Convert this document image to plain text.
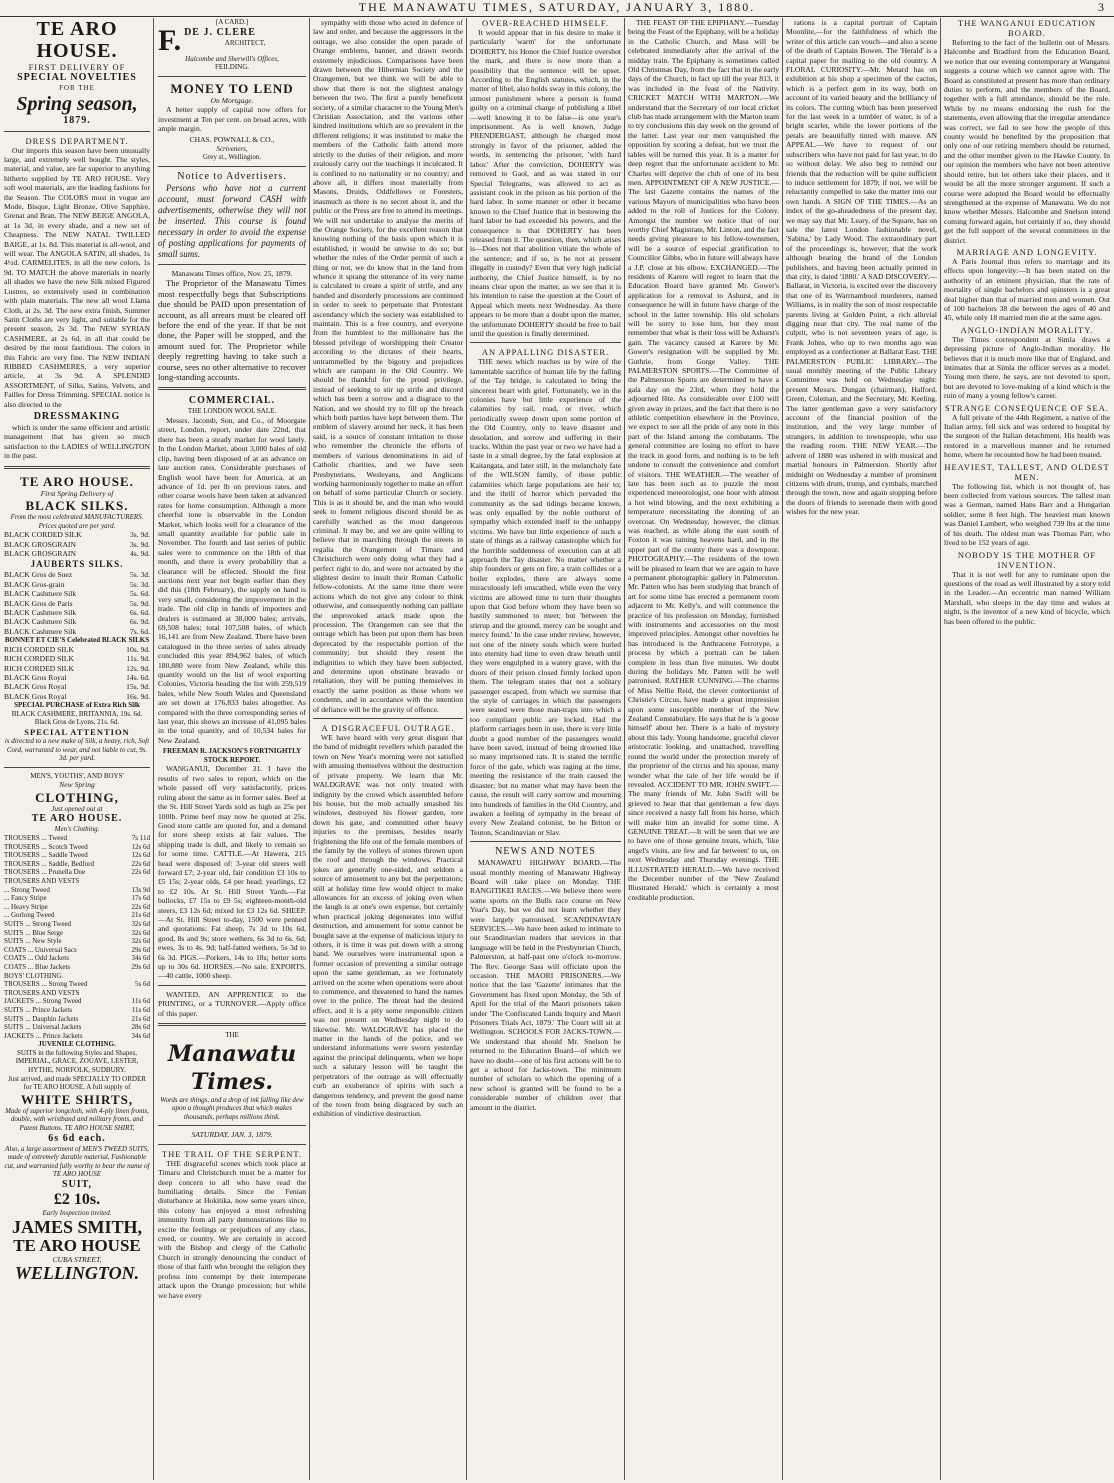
THE MANAWATU TIMES, SATURDAY, JANUARY 3, 1880.	3
TE ARO HOUSE.
FIRST DELIVERY OF
SPECIAL NOVELTIES
FOR THE
Spring season,
1879.
DRESS DEPARTMENT.

Our imports this season have been unusually large, and extremely well bought. The styles, material, and value, are far superior to anything hitherto supplied by TE ARO HOUSE. Very soft wool materials, are the leading fashions for the Season. The COLORS most in vogue are Mode, Bisque, Light Bronze, Olive Sapphire, Grenat and Bran. The NEW BEIGE ANGOLA, at 1s 3d, in every shade, and a new set of Cheapness. The NEW NATAL TWILLED BAIGE, at 1s. 8d. This material is all-wool, and will wear. The ANGOLA SATIN, all shades, 1s 4½d. CARMELITES, in all the new colors, 1s 9d. TO MATCH the above materials in nearly all shades we have the new Silk mixed Figured Lustres, so extensively used in combination with plain materials. The new all wool Llama Cloth, at 2s. 3d. The new extra finish, Summer Satin Cloths are very light, and suitable for the present season, 2s 3d. The NEW SYRIAN CASHMERE, at 2s 6d, in all that could be desired by the most fastidious. The colors in this Fabric are very fine. The NEW INDIAN RIBBED CASHMERES, a very superior article, at 3s 9d. A SPLENDID ASSORTMENT, of Silks, Satins, Velvets, and Failles for Dress Trimming. SPECIAL notice is also directed to the

DRESSMAKING

which is under the same efficient and artistic management that has given so much satisfaction to the LADIES of WELLINGTON in the past.

TE ARO HOUSE.
First Spring Delivery of
BLACK SILKS.
From the most celebrated MANUFACTURERS. Prices quoted are per yard.
BLACK CORDED SILK	3s. 9d.
BLACK GROSGRAIN	3s. 9d.
BLACK GROSGRAIN	4s. 9d.
JAUBERTS SILKS.
BLACK Gros de Suez	5s. 3d.
BLACK Gros-grain	5s. 3d.
BLACK Cashmere Silk	5s. 6d.
BLACK Gros de Paris	5s. 9d.
BLACK Cashmere Silk	6s. 6d.
BLACK Cashmere Silk	6s. 9d.
BLACK Cashmere Silk	7s. 6d.
BONNET ET CIE'S Celebrated BLACK SILKS
RICH CORDED SILK	10s. 9d.
RICH CORDED SILK	11s. 9d.
RICH CORDED SILK	12s. 9d.
BLACK Gros Royal	14s. 6d.
BLACK Gros Royal	15s. 9d.
BLACK Gros Royal	16s. 9d.
SPECIAL PURCHASE of Extra Rich Silk
BLACK CASHMERE, BRITANNIA, 19s. 6d. Black Gros de Lyons, 21s. 6d.
SPECIAL ATTENTION
is directed to a new make of Silk, a heavy, rich, Soft Cord, warranted to wear, and not liable to cut, 9s. 3d. per yard.
MEN'S, YOUTHS', AND BOYS'
New Spring
CLOTHING,
Just opened out at
TE ARO HOUSE.
Men's Clothing.
TROUSERS ... Tweed	7s 11d
TROUSERS ... Scotch Tweed	12s 6d
TROUSERS ... Saddle Tweed	12s 6d
TROUSERS ... Saddle, Bedford	22s 6d
TROUSERS ... Prunella Doe	22s 6d
TROUSERS AND VESTS
... Strong Tweed	13s 9d
... Fancy Stripe	17s 6d
... Heavy Stripe	22s 6d
... Gorlong Tweed	21s 6d
SUITS ... Strong Tweed	32s 6d
SUITS ... Blue Serge	32s 6d
SUITS ... New Style	32s 6d
COATS ... Universal Sacs	29s 6d
COATS ... Odd Jackets	34s 6d
COATS ... Blue Jackets	29s 6d
BOYS' CLOTHING.
TROUSERS ... Strong Tweed	5s 6d
TROUSERS AND VESTS
JACKETS ... Strong Tweed	11s 6d
SUITS ... Prince Jackets	11s 6d
SUITS ... Dauphin Jackets	21s 6d
SUITS ... Universal Jackets	28s 6d
JACKETS ... Prince Jackets	34s 6d
JUVENILE CLOTHING.
SUITS in the following Styles and Shapes, IMPERIAL, GRACE, ZOUAVE, LESTER, HYTHE, NORFOLK, SUDBURY.
Just arrived, and made SPECIALLY TO ORDER
for TE ARO HOUSE, A full supply of
WHITE SHIRTS,
Made of superior longcloth, with 4-ply linen fronts, double, with wristband and military fronts, and Patent Buttons. TE ARO HOUSE SHIRT,
6s 6d each.
Also, a large assortment of MEN'S TWEED SUITS, made of extremely durable material, Fashionable cut, and warranted fully worthy to bear the name of TE ARO HOUSE
SUIT,
£2 10s.
Early Inspection invited.
JAMES SMITH,
TE ARO HOUSE
CUBA STREET,
WELLINGTON.
[A CARD.]
F. DE J. CLERE
ARCHITECT,
Halcombe and Sherwill's Offices,
FEILDING.
MONEY TO LEND
On Mortgage.

A better supply of capital now offers for investment at Ten per cent. on broad acres, with ample margin.

CHAS. POWNALL & CO.,
Scriveners,
Grey st., Wellington.
Notice to Advertisers.

Persons who have not a current account, must forward CASH with advertisements, otherwise they will not be inserted. This course is found necessary in order to avoid the expense of posting applications for payments of small sums.

Manawatu Times office, Nov. 25, 1879.

The Proprietor of the Manawatu Times most respectfully begs that Subscriptions due should be PAID upon presentation of account, as all arrears must be cleared off before the end of the year. If that be not done, the Paper will be stopped, and the amount sued for. The Proprietor while deeply regretting having to take such a course, sees no other alternative to recover long-standing accounts.

COMMERCIAL.
THE LONDON WOOL SALE.

Messrs. Jacomb, Son, and Co., of Moorgate street, London, report, under date 22nd, that there has been a steady market for wool lately. In the London Market, about 3,000 bales of old clip, having been disposed of at an advance on late auction rates. Considerable purchases of English wool have been for America, at an advance of 1d. per lb on previous rates, and other coarse wools have been taken at advanced rates for home consumption. Although a more cheerful tone is observable in the London Market, which looks well for a clearance of the small quantity available for public sale in November. The fourth and last series of public sales were to commence on the 18th of that month, and there is every probability that a clearance will be effected. Should the first auctions next year not begin earlier than they did this (18th February), the supply on hand is very small, considering the improvement in the trade. The old clip in hands of importers and dealers is estimated at 38,000 bales; arrivals, 69,508 bales; total 107,508 bales, of which 16,141 are from New Zealand. There have been catalogued in the three series of sales already concluded this year 894,962 bales, of which 180,880 were from New Zealand, while this quantity would on the list of wool exporting Colonies, Victoria heading the list with 259,519 bales, while New South Wales and Queensland are set down at 176,833 bales altogether. As compared with the three corresponding series of last year, this shows an increase of 41,095 bales in the total quantity, and of 10,534 bales for New Zealand.

FREEMAN R. JACKSON'S FORTNIGHTLY STOCK REPORT.

WANGANUI, December 31. I have the results of two sales to report, which on the whole passed off very satisfactorily, prices ruling about the same as in former sales. Beef at the St. Hill Street Yards sold as high as 25s per 100lb. Prime beef may now be quoted at 25s. Good store cattle are quoted for, and a demand for store sheep exists at fair values. The shipping trade is dull, and likely to remain so for some time. CATTLE.—At Hawera, 215 head were disposed of: 3-year old steers well forward £7; 2-year old, fair condition £3 10s to £5 15s; 2-year olds, £4 per head; yearlings, £2 to £2 10s. At St. Hill Street Yards.—Fat bullocks, £7 15s to £9 5s; eighteen-month-old steers, £3 12s 6d; mixed lot £3 12s 6d. SHEEP.—At St. Hill Street to-day, 1500 were penned and quotations: Fat sheep, 7s 3d to 10s 6d, good, 8s and 9s; store wethers, 6s 3d to 6s. 6d; ewes, 3s to 4s. 9d; half-fatted wethers, 5s 3d to 6s 3d. PIGS.—Porkers, 14s to 18s; better sorts up to 30s 6d. HORSES.—No sale. EXPORTS.—40 cattle, 1000 sheep.

WANTED, AN APPRENTICE to the PRINTING, or a TURNOVER.—Apply office of this paper.

THE
Manawatu Times.
Words are things, and a drop of ink falling like dew upon a thought produces that which makes thousands, perhaps millions think.
SATURDAY, JAN. 3, 1879.
THE TRAIL OF THE SERPENT.

THE disgraceful scenes which took place at Timaru and Christchurch must be a matter for deep concern to all who have read the humiliating details. Since the Fenian disturbance at Hokitika, now some years since, this colony has enjoyed a most refreshing immunity from all party demonstrations like to excite the feelings or prejudices of any class, creed, or country. We are certainly in accord with the Bishop and clergy of the Catholic Church in strongly denouncing the conduct of those of that faith who brought the religion they profess into contempt by their intemperate attack upon the Orange procession; but while we have every

sympathy with those who acted in defence of law and order, and because the aggressors in the outrage, we also consider the open parade of Orange emblems, banner, and drawn swords extremely injudicious. Comparisons have been drawn between the Hibernian Society and the Orangemen, but we think we will be able to show that there is not the slightest analogy between the two. The first a purely beneficent society, of a similar character to the Young Men's Christian Association, and the various other kindred institutions which are so prevalent in the different religions; it was instituted to make the members of the Catholic faith attend more strictly to the duties of their religion, and more zealously carry out the teachings it inculcated. It is confined to no nationality or no country; and above all, it differs most materially from Masons, Druids, Oddfellows or Foresters, inasmuch as there is no secret about it, and the public or the Press are free to attend its meetings. We will not undertake to analyse the merits of the Orange Society, for the excellent reason that knowing nothing of the basis upon which it is established, it would be unwise to do so; but whether the rules of the Order permit of such a thing or not, we do know that in the land from whence it sprang the utterance of its very name is calculated to create a spirit of strife, and any banded and disorderly processions are continued in order to seek to perpetuate that Protestant ascendancy which the society was established to maintain. This is a free country, and everyone from the humblest to the millionaire has the blessed privilege of worshipping their Creator according to the dictates of their hearts, untrammelled by the bigotry and prejudices which are rampant in the Old Country. We should be thankful for the proud privilege, instead of seeking to stir up strife and discord which has been a sorrow and a disgrace to the Nation, and we should try to fill up the breach which both parties have kept between them. The emblem of slavery around her neck, it has been said, is a source of constant irritation to those who remember the chronicle the efforts of members of various denominations in aid of Catholic charities, and we have seen Presbyterians, Wesleyans, and Anglicans working harmoniously together to make an effort on behalf of some particular Church or society. This is as it should be, and the man who would seek to foment religious discord should be as carefully watched as the most dangerous criminal. It may be, and we are quite willing to believe that in marching through the streets in regalia the Orangemen of Timaru and Christchurch were only doing what they had a perfect right to do, and were not actuated by the slightest desire to insult their Roman Catholic fellow-colonists. At the same time there were actions which do not give any colour to think otherwise, and consequently nothing can palliate the unprovoked attack made upon the procession. The Orangemen can see that the outrage which has been put upon them has been deprecated by the respectable portion of the community; but should they resent the indignities to which they have been subjected, and determine upon obstinate bravado or retaliation, they will be putting themselves in exactly the same position as those whom we condemn, and in accordance with the intention of defiance will be the gravity of offence.

A DISGRACEFUL OUTRAGE.

WE have heard with very great disgust that the band of midnight revellers which paraded the town on New Year's morning were not satisfied with amusing themselves without the destruction of private property. We learn that Mr. WALDGRAVE was not only treated with indignity by the crowd which assembled before his house, but the mob actually smashed his windows, destroyed his flower garden, tore down his gate, and committed other heavy injuries to the premises, besides nearly frightening the life out of the female members of the family by the volleys of stones thrown upon the roof and through the windows. Practical jokes are generally one-sided, and seldom a source of amusement to any but the perpetrators; still at holiday time few would object to make allowances for an excess of joking even when the laugh is at one's own expense, but certainly when practical joking degenerates into wilful destruction, and amusement for some cannot be bought save at the expense of malicious injury to others, it is time it was put down with a strong hand. We ourselves were instrumental upon a former occasion of preventing a similar outrage upon the same gentleman, as we fortunately arrived on the scene when operations were about to commence, and threatened to band the names over to the police. The threat had the desired effect, and it is a pity some responsible citizen was not present on Wednesday night to do likewise. Mr. WALDGRAVE has placed the matter in the hands of the police, and we understand informations were sworn yesterday against the principal delinquents, when we hope such a salutary lesson will be taught the perpetrators of the outrage as will effectually curb an exuberance of spirits with such a dangerous tendency, and prevent the good name of the town from being disgraced by such an exhibition of vindictive destruction.

OVER-REACHED HIMSELF.

It would appear that in his desire to make it particularly 'warm' for the unfortunate DOHERTY, his Honor the Chief Justice overshot the mark, and there is now more than a possibility that the sentence will be upset. According to the English statutes, which, in the matter of libel, also holds sway in this colony, the utmost punishment where a person is found guilty on a criminal charge of publishing a libel—well knowing it to be false—is one year's imprisonment. As is well known, Judge PRENDERGAST, although he charged most strongly in favor of the prisoner, added the words, in sentencing the prisoner, 'with hard labor.' After the conviction, DOHERTY was removed to Gaol, and as was stated in our Special Telegrams, was allowed to act as assistant cook in the prison as his portion of the hard labor. In some manner or other it became known to the Chief Justice that in bestowing the hard labor he had exceeded his powers, and the consequence is that DOHERTY has been released from it. The question, then, which arises is—Does not that abolition vitiate the whole of the sentence; and if so, is he not at present illegally in custody? Even that very high judicial authority, the Chief Justice himself, is by no means clear upon the matter, as we see that it is his intention to raise the question at the Court of Appeal which meets next Wednesday. As there appears to be more than a doubt upon the matter, the unfortunate DOHERTY should be free to bail until the question is finally determined.

AN APPALLING DISASTER.

THE news which reaches us by wire of the lamentable sacrifice of human life by the falling of the Tay bridge, is calculated to bring the sincerest heart with grief. Fortunately, we in the colonies have but little experience of the calamities by rail, road, or river, which periodically sweep down upon some portion of the Old Country, only to leave disaster and desolation, and sorrow and suffering in their tracks. Within the past year or two we have had a taste in a small degree, by the fatal explosion at Kaitangata, and later still, in the melancholy fate of the WILSON family, of those public calamities which large populations are heir to; and the thrill of horror which pervaded the community as the sad tidings became known, was only equalled by the noble outburst of sympathy which extended itself to the unhappy victims. We have but little experience of such a state of things as a railway catastrophe which for the horrible suddenness of execution can at all approach the Tay disaster. No matter whether a ship founders or gets on fire, a train collides or a boiler explodes, there are always some miraculously left unscathed, while even the very victims are allowed time to turn their thoughts upon that God before whom they have been so hastily summoned to meet; but 'between the stirrup and the ground, mercy can be sought and mercy found.' In the case under review, however, not one of the ninety souls which were hurled into eternity had time to even draw breath until they were engulphed in a watery grave, with the doors of their prison closed firmly locked upon them. The telegram states that not a solitary passenger escaped, from which we surmise that the style of carriages in which the passengers were seated were those man-traps into which a too compliant public are locked. Had the platform carriages been in use, there is very little doubt a good number of the passengers would have been saved, instead of being drowned like so many imprisoned rats. It is stated the terrific force of the gale, which was raging at the time, meeting the resistance of the train caused the disaster; but no matter what may have been the cause, the result will carry sorrow and mourning into hundreds of families in the Old Country, and awaken a feeling of sympathy in the breast of every New Zealand colonist, be he Briton or Teuton, Scandinavian or Slav.

NEWS AND NOTES

MANAWATU HIGHWAY BOARD.—The usual monthly meeting of Manawatu Highway Board will take place on Monday. THE RANGITIKEI RACES.—We believe there were some sports on the Bulls race course on New Year's Day, but we did not learn whether they were largely patronised. SCANDINAVIAN SERVICES.—We have been asked to intimate to our Scandinavian readers that services in that language will be held in the Presbyterian Church, Palmerston, at half-past one o'clock to-morrow. The Rev. George Sass will officiate upon the occasion. THE MAORI PRISONERS.—We notice that the last 'Gazette' intimates that the Government has fixed upon Monday, the 5th of April for the trial of the Maori prisoners taken under 'The Confiscated Lands Inquiry and Maori Prisoners Trials Act, 1879.' The Court will sit at Wellington. SCHOOLS FOR JACKS-TOWN.—We understand that should Mr. Snelson be returned to the Education Board—of which we have no doubt—one of his first actions will be to get a school for Jacks-town. The minimum number of scholars to which the opening of a new school is granted will be found to be a considerable number of children over that amount in the district.

THE FEAST OF THE EPIPHANY.—Tuesday being the Feast of the Epiphany, will be a holiday in the Catholic Church, and Mass will be celebrated immediately after the arrival of the midday train. The Epiphany is sometimes called Old Christmas Day, from the fact that in the early days of the Church, in fact up till the year 813, it was included in the feast of the Nativity. CRICKET MATCH WITH MARTON.—We understand that the Secretary of our local cricket club has made arrangement with the Marton team to try conclusions this day week on the ground of the latter. Last year our men vanquished the opposition by scoring a defeat, but we trust the tables will be turned this year. It is a matter for deep regret that the unfortunate accident to Mr. Charles will deprive the club of one of its best men. APPOINTMENT OF A NEW JUSTICE.—The last Gazette contains the names of the various Mayors of municipalities who have been added to the roll of Justices for the Colony. Amongst the number we notice that of our worthy Chief Magistrate, Mr. Linton, and the fact needs giving pleasure to his fellow-townsmen, will be a source of especial gratification to Councillor Gibbs, who in future will always have a J.P. close at his elbow. EXCHANGED.—The residents of Karere will regret to learn that the Education Board have granted Mr. Gower's application for a removal to Ashurst, and in consequence he will in future have charge of the school in the latter township. His old scholars will be sorry to lose him, but they must remember that what is their loss will be Ashurst's gain. The vacancy caused at Karere by Mr. Gower's resignation will be supplied by Mr. Guthrie, from Gorge Valley. THE PALMERSTON SPORTS.—The Committee of the Palmerston Sports are determined to have a gala day on the 23rd, when they hold the adjourned fête. As considerable over £100 will given away in prizes, and the fact that there is no athletic competition elsewhere in the Province, we expect to see all the pride of any note in this part of the Island among the combatants. The general committee are losing no effort to have the track in good form, and nothing is to be left undone to consult the convenience and comfort of visitors. THE WEATHER.—The weather of late has been such as to puzzle the most experienced meteorologist, one hour with almost a hot wind blowing, and the next exhibiting a temperature necessitating the donning of an overcoat. On Wednesday, however, the climax was reached, as while along the east south of Foxton it was raining heavens hard, and in the upper part of the county there was a downpour. PHOTOGRAPHY.—The residents of the town will be pleased to learn that we are again to have a permanent photographic gallery in Palmerston. Mr. Patten who has been studying that branch of art for some time has erected a permanent room adjacent to Mr. Kelly's, and will commence the practice of his profession on Monday, furnished with instruments and accessories on the most improved principles. Amongst other novelties he has introduced is the Anthracene Ferrotype, a process by which a portrait can be taken complete in less than five minutes. We doubt during the holidays Mr. Patten will be well patronised. RATHER CUNNING.—The charms of Miss Nellie Reid, the clever contortionist of Christie's Circus, have made a great impression upon some susceptible member of the New Zealand Constabulary. He says that he is 'a goose himself' about her. There is a halo of mystery about this lady. Young handsome, graceful clever aristocratic looking, and unattached, travelling round the world under the protection merely of the proprietor of the circus and his spouse, many wonder what the tale of her life would be if revealed. ACCIDENT TO MR. JOHN SWIFT.—The many friends of Mr. John Swift will be grieved to hear that that gentleman a few days since received a nasty fall from his horse, which will make him an invalid for some time. A GENUINE TREAT.—It will be seen that we are to have one of those genuine treats, which, 'like angel's visits, are few and far between' to us, on next Wednesday and Thursday evenings. THE ILLUSTRATED HERALD.—We have received the December number of the 'New Zealand Illustrated Herald,' which is certainly a most creditable production.

rations is a capital portrait of Captain Moonlite,—for the faithfulness of which the writer of this article can vouch—and also a scene of the death of Captain Bowen. The 'Herald' is a capital paper for mailing to the old country. A FLORAL CURIOSITY.—Mr. Metard has on exhibition at his shop a specimen of the cactus, which is a perfect gem in its way, both on account of its varied beauty and the brilliancy of its colors. The cutting which has been preserved for the last week in a tumbler of water, is of a bright scarlet, while the lower portions of the petals are beautifully tinted with mauve. AN APPEAL.—We have to request of our subscribers who have not paid for last year, to do so without delay. We also beg to remind our friends that the reduction will be quite sufficient to induce settlement for 1879; if not, we will be reluctantly compelled to take the matter into our own hands. A SIGN OF THE TIMES.—As an index of the go-aheadedness of the present day, we may say that Mr. Leary, of the Square, has on sale the latest London fashionable novel, 'Sabina,' by Lady Wood. The extraordinary part of the proceedings is, however, that the work although bearing the brand of the London publishers, and having been actually printed in that city, is dated '1880.' A SAD DISCOVERY.—Ballarat, in Victoria, is excited over the discovery that one of its Warrnambool murderers, named Williams, is in reality the son of most respectable parents living at Golden Point, a rich alluvial digging near that city. The real name of the culprit, who is not seventeen years of age, is Frank Johns, who up to two months ago was employed as a confectioner at Ballarat East. THE PALMERSTON PUBLIC LIBRARY.—The usual monthly meeting of the Public Library Committee was held on Wednesday night: present Messrs. Dungan (chairman), Halford, Green, Coleman, and the Secretary, Mr. Keeling. The latter gentleman gave a very satisfactory account of the financial position of the institution, and the very large number of strangers, in addition to townspeople, who use the reading room. THE NEW YEAR.—The advent of 1880 was ushered in with musical and martial honours in Palmerston. Shortly after midnight on Wednesday a number of prominent citizens with drum, trump, and cymbals, marched through the town, now and again stopping before the doors of friends to serenade them with good wishes for the new year.

THE WANGANUI EDUCATION BOARD.

Referring to the fact of the bulletin out of Messrs. Halcombe and Bradford from the Education Board, we notice that our evening contemporary at Wanganui suggests a course which we cannot agree with. The Board as constituted at present has more than ordinary duties to perform, and the members of the Board, together with a full attendance, should be the rule. While by no means endorsing the rush for the statements, even allowing that the irregular attendance was correct, we fail to see how the people of this county would be benefited by the proposition that only one of our retiring members should be returned, and the other member given to the Hawke County. In our opinion the members who have not been attentive should retire, but let others take their places, and it would be all the more stronger argument. If such a course were adopted the Board would be effectually strengthened at the expense of Manawatu. We do not know whether Messrs. Halcombe and Snelson intend coming forward again, but certainly if so, they should get the full support of the several committees in the district.

MARRIAGE AND LONGEVITY.

A Paris Journal thus refers to marriage and its effects upon longevity:—It has been stated on the authority of an eminent physician, that the rate of mortality of single bachelors and spinsters is a great deal higher than that of married men and women. Out of 100 bachelors 38 die between the ages of 40 and 45, while only 18 married men die at the same ages.

ANGLO-INDIAN MORALITY.

The Times correspondent at Simla draws a depressing picture of Anglo-Indian morality. He believes that it is much more like that of England, and intimates that at Simla the officer serves as a model. Young men there, he says, are not devoted to sport, but are devoted to love-making of a kind which is the ruin of many a young fellow's career.

STRANGE CONSEQUENCE OF SEA.

A full private of the 44th Regiment, a native of the Italian army, fell sick and was ordered to hospital by the surgeon of the Italian detachment. His health was restored in a marvellous manner and he returned home, where he recounted how he had been treated.

HEAVIEST, TALLEST, AND OLDEST MEN.

The following list, which is not thought of, has been collected from various sources. The tallest man was a German, named Hans Barr and a Hungarian soldier, some 8 feet high. The heaviest man known was Daniel Lambert, who weighed 739 lbs at the time of his death. The oldest man was Thomas Parr, who lived to be 152 years of age.

NOBODY IS THE MOTHER OF INVENTION.

That it is not well for any to ruminate upon the questions of the road as well illustrated by a story told in the Leader.—An eccentric man named William Marshall, who sleeps in the day time and wakes at night, is the inventor of a new kind of bicycle, which has been offered to the public.
